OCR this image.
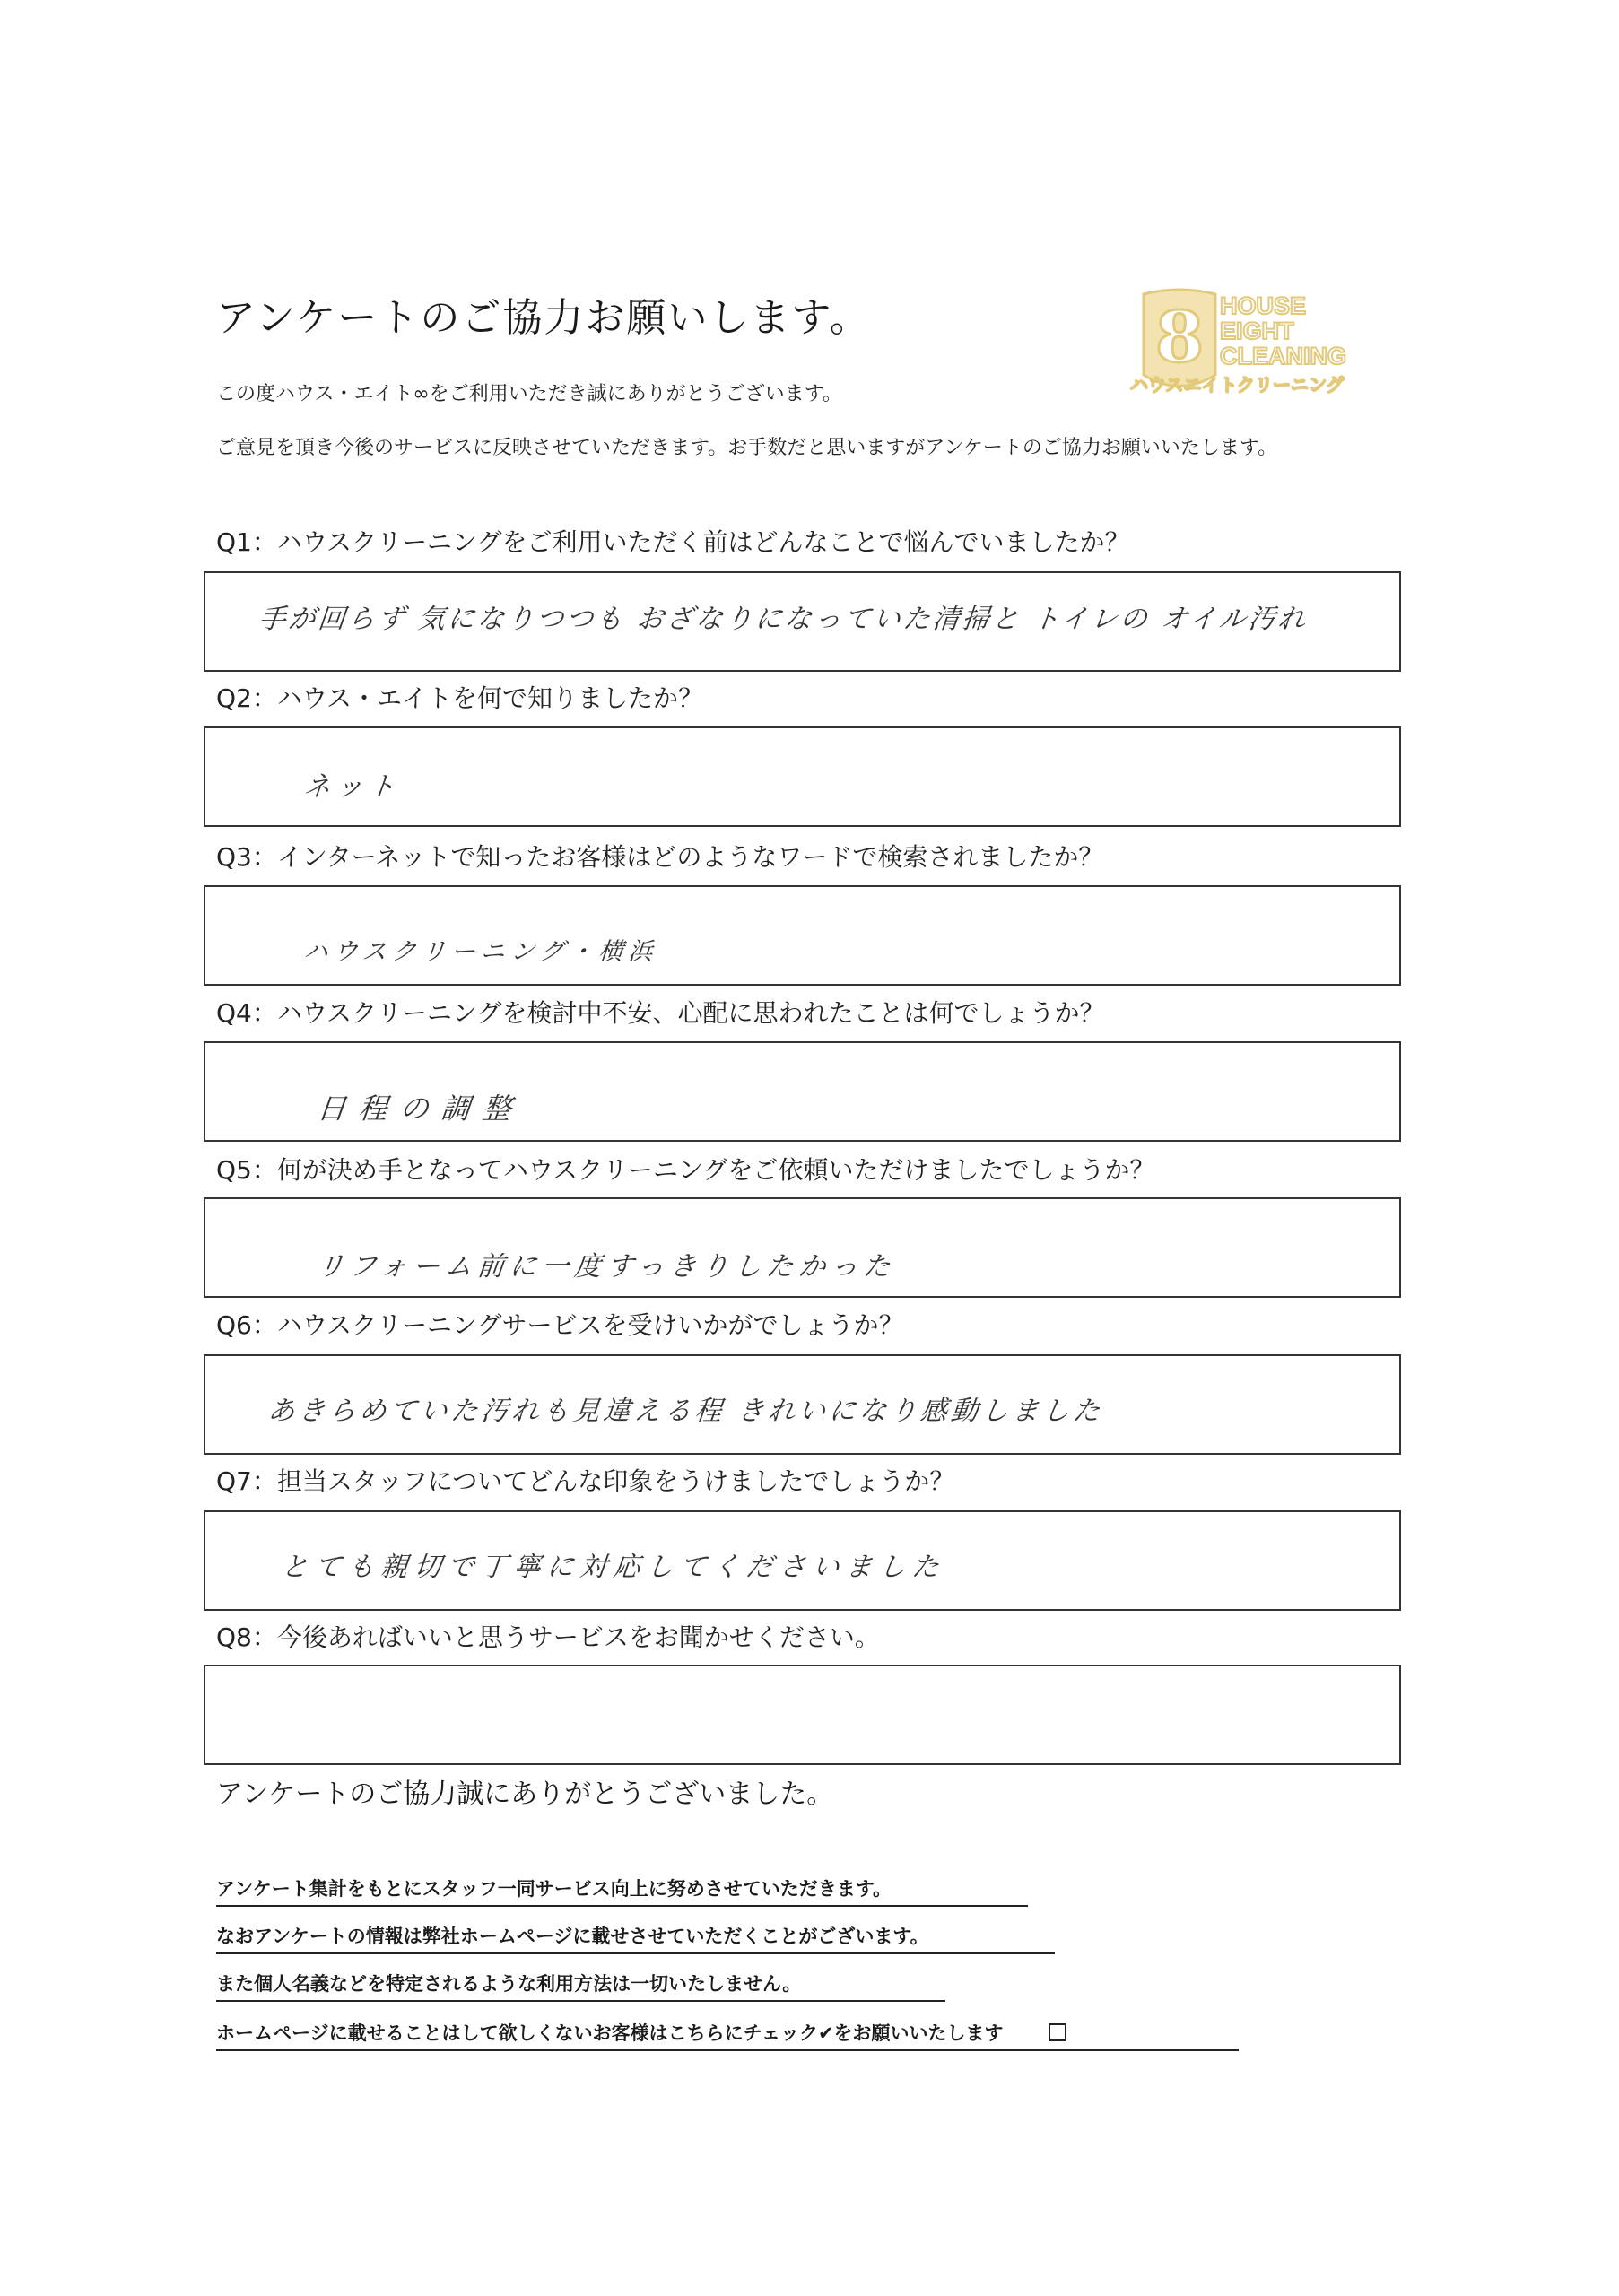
アンケートのご協力お願いします。
この度ハウス・エイト∞をご利用いただき誠にありがとうございます。
ご意見を頂き今後のサービスに反映させていただきます。お手数だと思いますがアンケートのご協力お願いいたします。
8 HOUSE
EIGHT
CLEANING
ハウスエイトクリーニング
Q1：ハウスクリーニングをご利用いただく前はどんなことで悩んでいましたか？
手が回らず 気になりつつも おざなりになっていた清掃と トイレの オイル汚れ
Q2：ハウス・エイトを何で知りましたか？
ネット
Q3：インターネットで知ったお客様はどのようなワードで検索されましたか？
ハウスクリーニング・横浜
Q4：ハウスクリーニングを検討中不安、心配に思われたことは何でしょうか？
日程の調整
Q5：何が決め手となってハウスクリーニングをご依頼いただけましたでしょうか？
リフォーム前に一度すっきりしたかった
Q6：ハウスクリーニングサービスを受けいかがでしょうか？
あきらめていた汚れも見違える程 きれいになり感動しました
Q7：担当スタッフについてどんな印象をうけましたでしょうか？
とても親切で丁寧に対応してくださいました
Q8：今後あればいいと思うサービスをお聞かせください。
アンケートのご協力誠にありがとうございました。
アンケート集計をもとにスタッフ一同サービス向上に努めさせていただきます。
なおアンケートの情報は弊社ホームページに載せさせていただくことがございます。
また個人名義などを特定されるような利用方法は一切いたしません。
ホームページに載せることはして欲しくないお客様はこちらにチェック✔をお願いいたします
